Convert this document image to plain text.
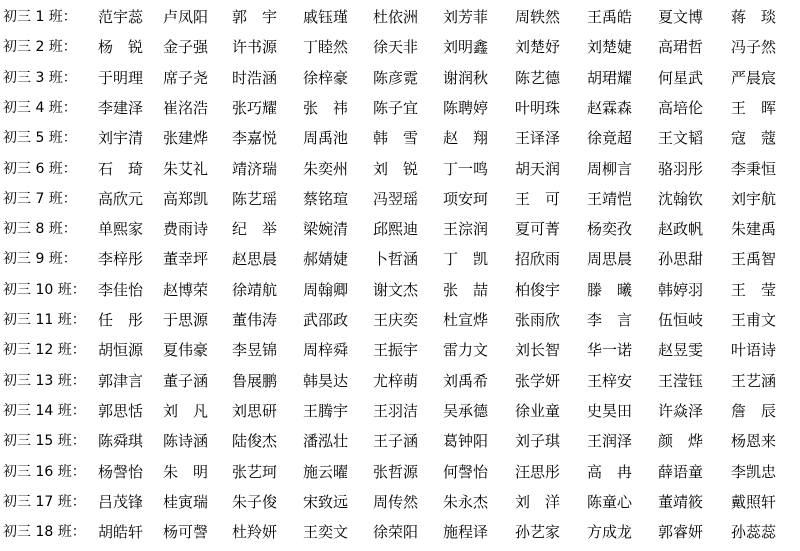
初三 1 班：	范宇蕊	卢凤阳	郭　宇	戚钰瑾	杜依洲	刘芳菲	周轶然	王禹皓	夏文博	蒋　琰
初三 2 班：	杨　锐	金子强	许书源	丁睦然	徐天非	刘明鑫	刘楚妤	刘楚婕	高珺哲	冯子然
初三 3 班：	于明理	席子尧	时浩涵	徐梓豪	陈彦霓	谢润秋	陈艺德	胡珺耀	何星武	严晨宸
初三 4 班：	李建泽	崔洺浩	张巧耀	张　祎	陈子宜	陈聘婷	叶明珠	赵霖森	高培伦	王　晖
初三 5 班：	刘宇清	张建烨	李嘉悦	周禹池	韩　雪	赵　翔	王译泽	徐竟超	王文韬	寇　蔻
初三 6 班：	石　琦	朱艾礼	靖济瑞	朱奕州	刘　锐	丁一鸣	胡天润	周柳言	骆羽彤	李秉恒
初三 7 班：	高欣元	高郑凯	陈艺瑶	蔡铭瑄	冯翌瑶	项安珂	王　可	王靖恺	沈翰钦	刘宇航
初三 8 班：	单熙家	费雨诗	纪　举	梁婉清	邱熙迪	王淙润	夏可菁	杨奕孜	赵政帆	朱建禹
初三 9 班：	李梓彤	董幸坪	赵思晨	郝婧婕	卜哲涵	丁　凯	招欣雨	周思晨	孙思甜	王禹智
初三 10 班： 李佳怡	赵博荣	徐靖航	周翰卿	谢文杰	张　喆	柏俊宇	滕　曦	韩婷羽	王　莹
初三 11 班： 任　彤	于思源	董伟涛	武邵政	王庆奕	杜宣烨	张雨欣	李　言	伍恒岐	王甫文
初三 12 班： 胡恒源	夏伟豪	李昱锦	周梓舜	王振宇	雷力文	刘长智	华一诺	赵昱雯	叶语诗
初三 13 班： 郭津言	董子涵	鲁展鹏	韩昊达	尤梓萌	刘禹希	张学妍	王梓安	王滢钰	王艺涵
初三 14 班： 郭思恬	刘　凡	刘思研	王腾宇	王羽洁	吴承德	徐业童	史昊田	许焱泽	詹　辰
初三 15 班： 陈舜琪	陈诗涵	陆俊杰	潘泓壮	王子涵	葛钟阳	刘子琪	王润泽	颜　烨	杨恩来
初三 16 班： 杨謦怡	朱　明	张艺珂	施云曜	张哲源	何謦怡	汪思彤	高　冉	薛语童	李凯忠
初三 17 班： 吕茂锋	桂寅瑞	朱子俊	宋致远	周传然	朱永杰	刘　洋	陈童心	董靖筱	戴照轩
初三 18 班： 胡皓轩	杨可謦	杜羚妍	王奕文	徐荣阳	施程译	孙艺家	方成龙	郭睿妍	孙蕊蕊
